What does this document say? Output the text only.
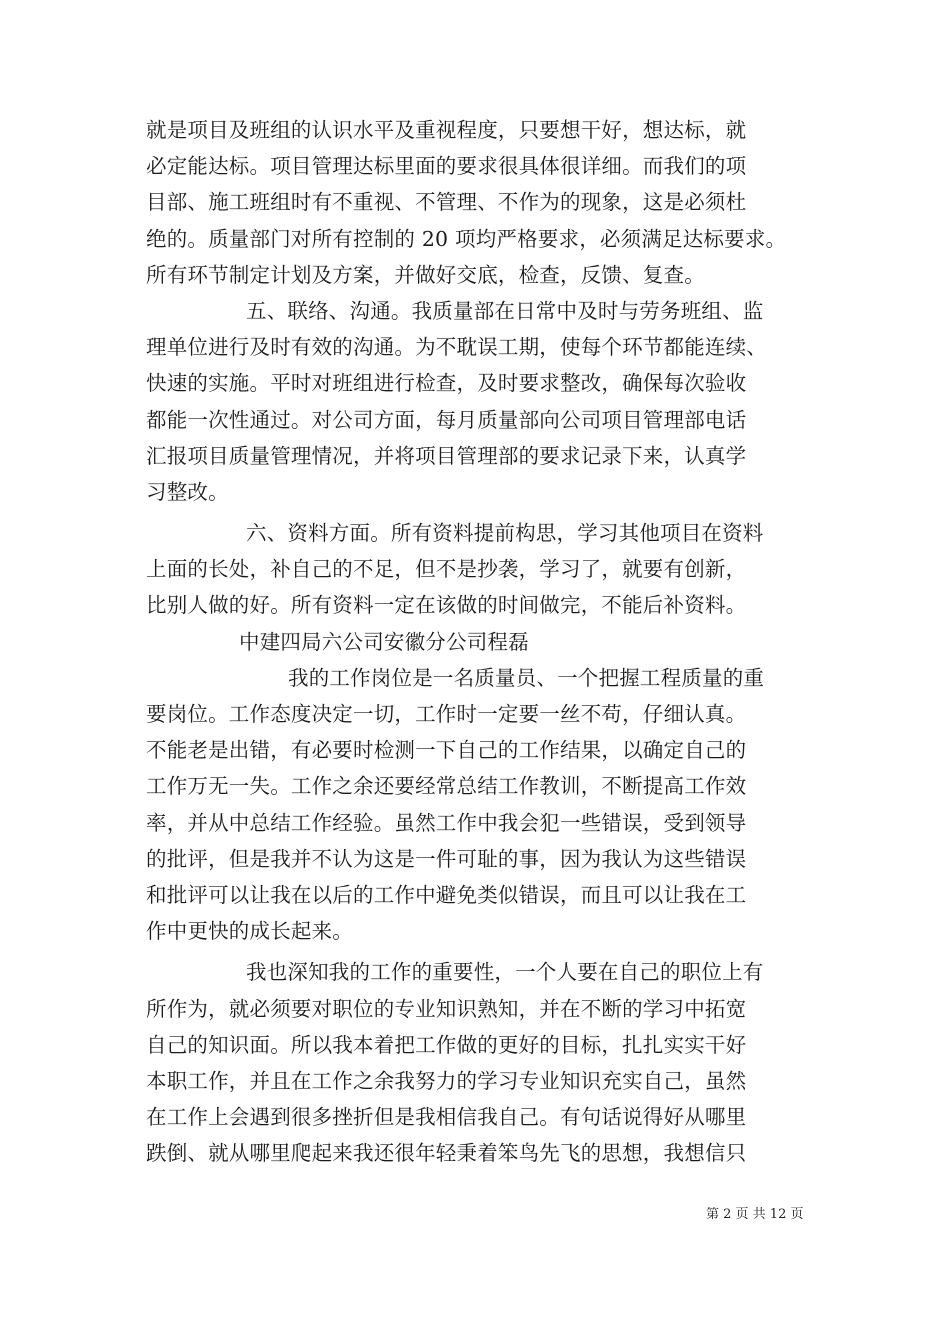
就是项目及班组的认识水平及重视程度，只要想干好，想达标，就
必定能达标。项目管理达标里面的要求很具体很详细。而我们的项
目部、施工班组时有不重视、不管理、不作为的现象，这是必须杜
绝的。质量部门对所有控制的 20 项均严格要求，必须满足达标要求。
所有环节制定计划及方案，并做好交底，检查，反馈、复查。
五、联络、沟通。我质量部在日常中及时与劳务班组、监
理单位进行及时有效的沟通。为不耽误工期，使每个环节都能连续、
快速的实施。平时对班组进行检查，及时要求整改，确保每次验收
都能一次性通过。对公司方面，每月质量部向公司项目管理部电话
汇报项目质量管理情况，并将项目管理部的要求记录下来，认真学
习整改。
六、资料方面。所有资料提前构思，学习其他项目在资料
上面的长处，补自己的不足，但不是抄袭，学习了，就要有创新，
比别人做的好。所有资料一定在该做的时间做完，不能后补资料。
中建四局六公司安徽分公司程磊
我的工作岗位是一名质量员、一个把握工程质量的重
要岗位。工作态度决定一切，工作时一定要一丝不苟，仔细认真。
不能老是出错，有必要时检测一下自己的工作结果，以确定自己的
工作万无一失。工作之余还要经常总结工作教训，不断提高工作效
率，并从中总结工作经验。虽然工作中我会犯一些错误，受到领导
的批评，但是我并不认为这是一件可耻的事，因为我认为这些错误
和批评可以让我在以后的工作中避免类似错误，而且可以让我在工
作中更快的成长起来。
我也深知我的工作的重要性，一个人要在自己的职位上有
所作为，就必须要对职位的专业知识熟知，并在不断的学习中拓宽
自己的知识面。所以我本着把工作做的更好的目标，扎扎实实干好
本职工作，并且在工作之余我努力的学习专业知识充实自己，虽然
在工作上会遇到很多挫折但是我相信我自己。有句话说得好从哪里
跌倒、就从哪里爬起来我还很年轻秉着笨鸟先飞的思想，我想信只
第 2 页 共 12 页
